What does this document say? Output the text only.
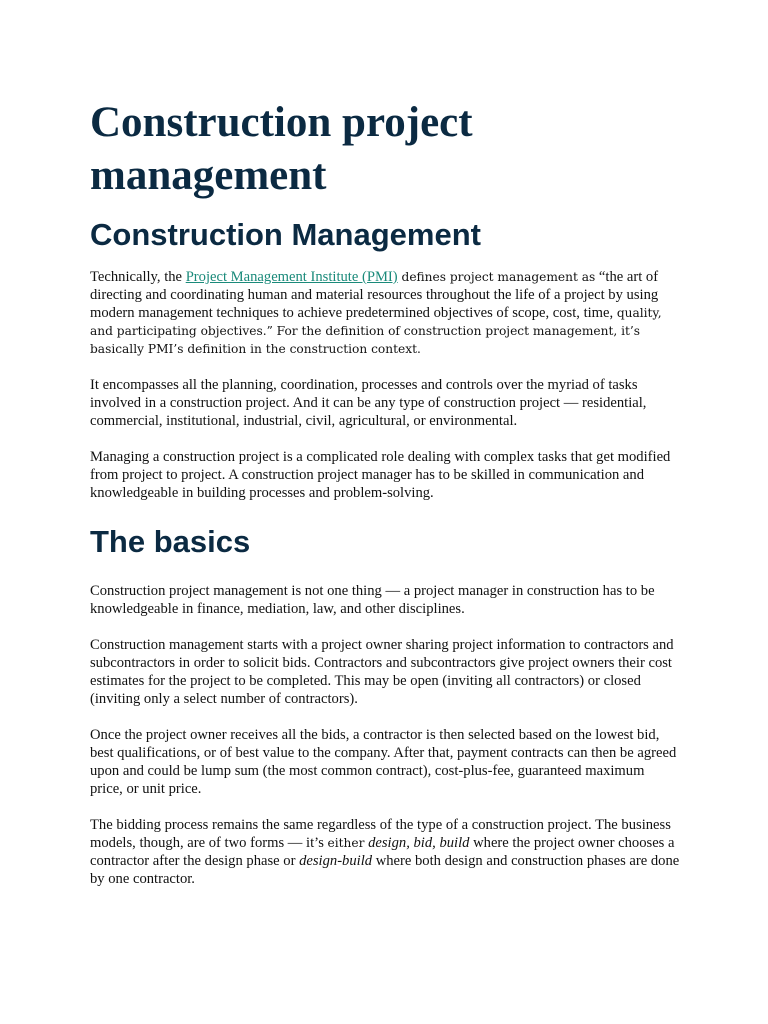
Construction project management
Construction Management

Technically, the Project Management Institute (PMI) defines project management as “the art of directing and coordinating human and material resources throughout the life of a project by using modern management techniques to achieve predetermined objectives of scope, cost, time, quality, and participating objectives.” For the definition of construction project management, it’s basically PMI’s definition in the construction context.

It encompasses all the planning, coordination, processes and controls over the myriad of tasks involved in a construction project. And it can be any type of construction project — residential, commercial, institutional, industrial, civil, agricultural, or environmental.

Managing a construction project is a complicated role dealing with complex tasks that get modified from project to project. A construction project manager has to be skilled in communication and knowledgeable in building processes and problem-solving.

The basics

Construction project management is not one thing — a project manager in construction has to be knowledgeable in finance, mediation, law, and other disciplines.

Construction management starts with a project owner sharing project information to contractors and subcontractors in order to solicit bids. Contractors and subcontractors give project owners their cost estimates for the project to be completed. This may be open (inviting all contractors) or closed (inviting only a select number of contractors).

Once the project owner receives all the bids, a contractor is then selected based on the lowest bid, best qualifications, or of best value to the company. After that, payment contracts can then be agreed upon and could be lump sum (the most common contract), cost-plus-fee, guaranteed maximum price, or unit price.

The bidding process remains the same regardless of the type of a construction project. The business models, though, are of two forms — it’s either design, bid, build where the project owner chooses a contractor after the design phase or design-build where both design and construction phases are done by one contractor.
